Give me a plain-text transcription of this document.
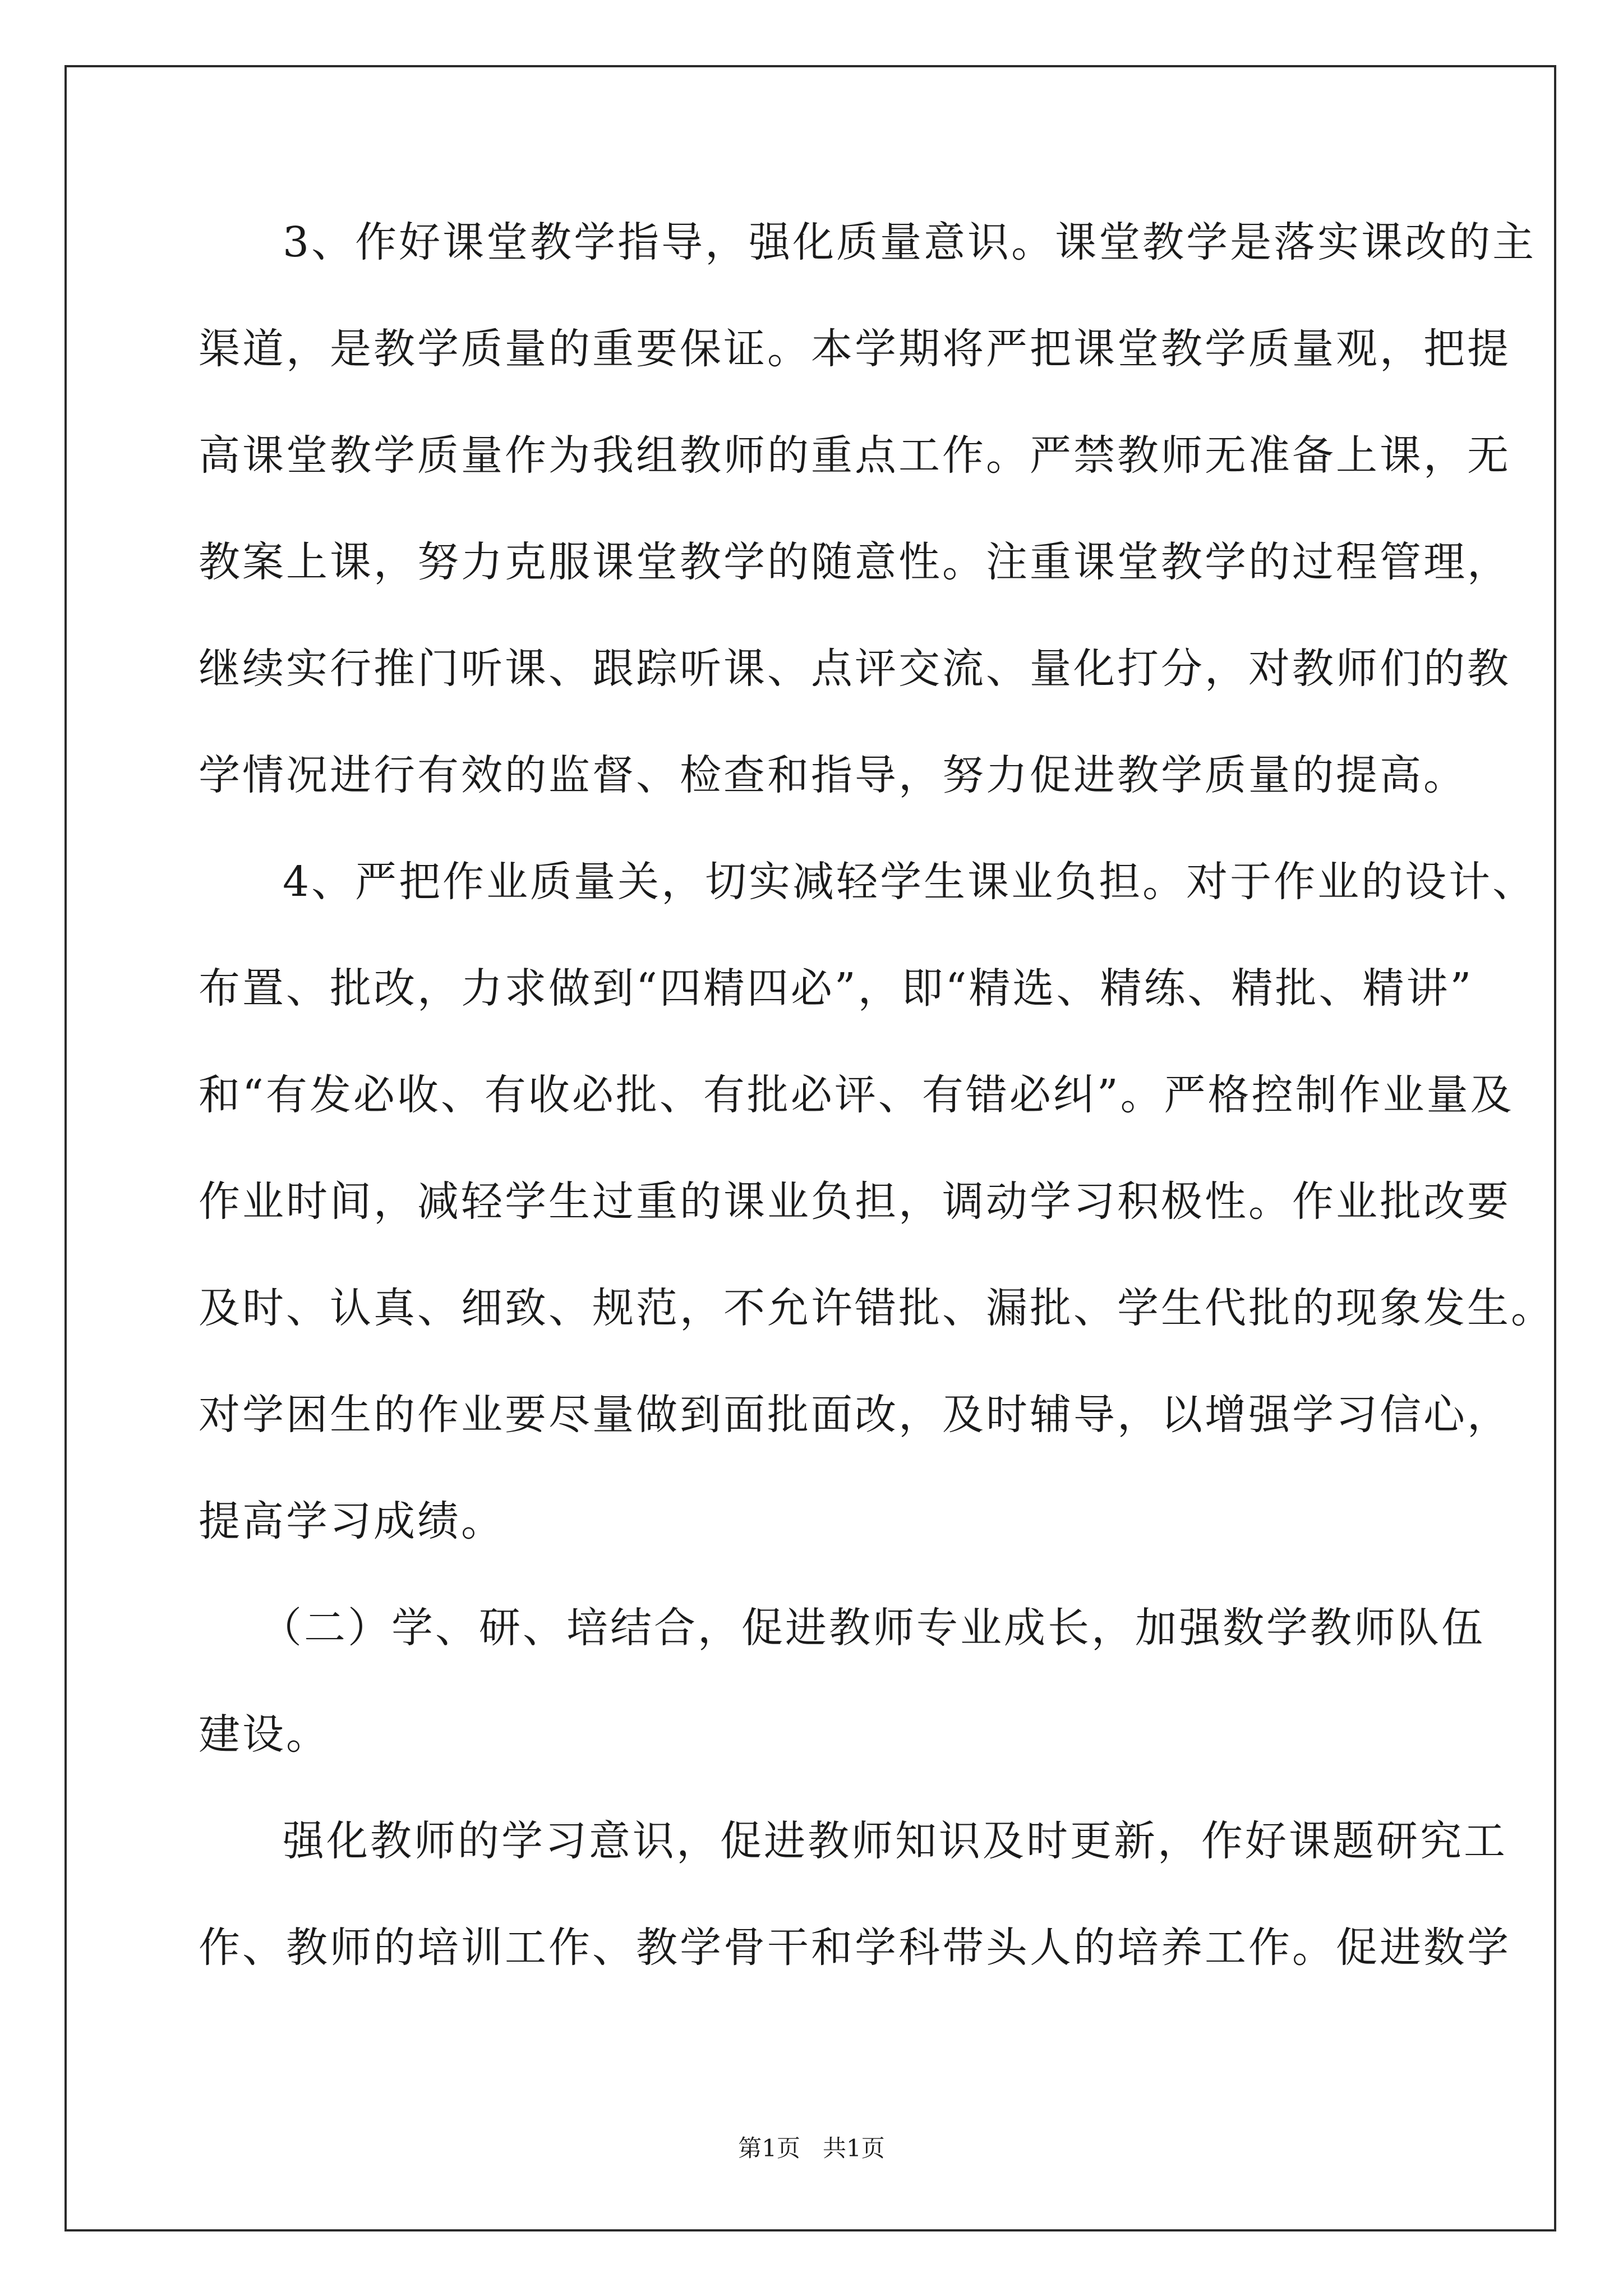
3、作好课堂教学指导，强化质量意识。课堂教学是落实课改的主
渠道，是教学质量的重要保证。本学期将严把课堂教学质量观，把提
高课堂教学质量作为我组教师的重点工作。严禁教师无准备上课，无
教案上课，努力克服课堂教学的随意性。注重课堂教学的过程管理，
继续实行推门听课、跟踪听课、点评交流、量化打分，对教师们的教
学情况进行有效的监督、检查和指导，努力促进教学质量的提高。
4、严把作业质量关，切实减轻学生课业负担。对于作业的设计、
布置、批改，力求做到“四精四必”，即“精选、精练、精批、精讲”
和“有发必收、有收必批、有批必评、有错必纠”。严格控制作业量及
作业时间，减轻学生过重的课业负担，调动学习积极性。作业批改要
及时、认真、细致、规范，不允许错批、漏批、学生代批的现象发生。
对学困生的作业要尽量做到面批面改，及时辅导，以增强学习信心，
提高学习成绩。
（二）学、研、培结合，促进教师专业成长，加强数学教师队伍
建设。
强化教师的学习意识，促进教师知识及时更新，作好课题研究工
作、教师的培训工作、教学骨干和学科带头人的培养工作。促进数学
第1页   共1页
